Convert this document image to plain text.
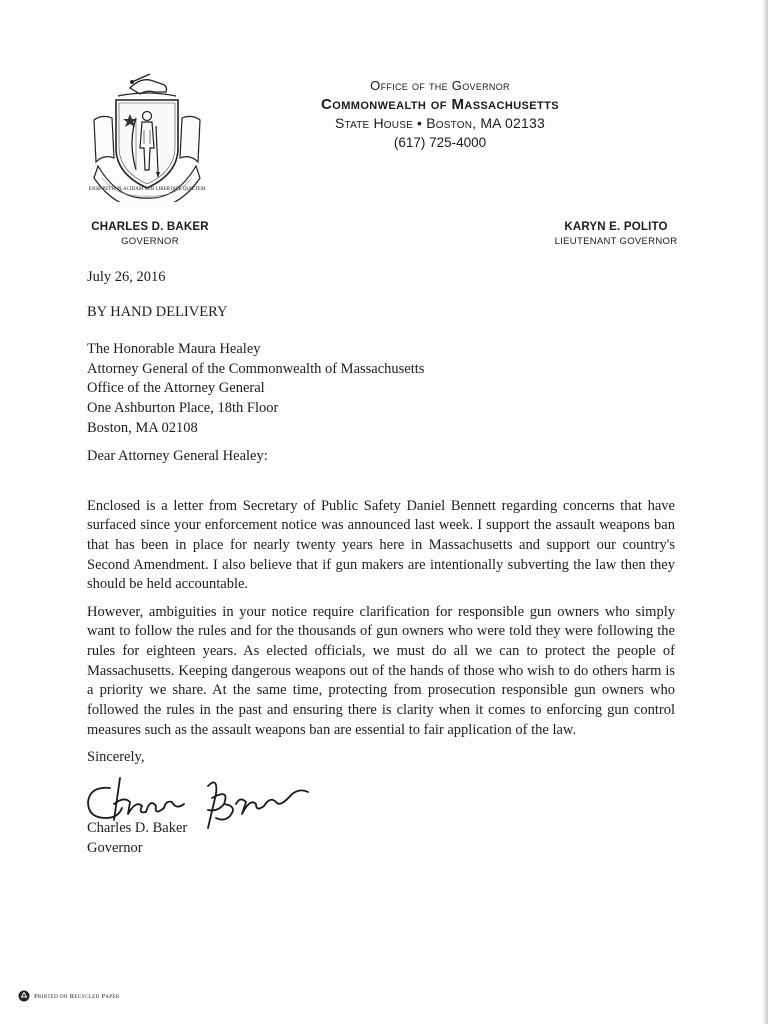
ENSE PETIT PLACIDAM SUB LIBERTATE QUIETEM
Office of the Governor
Commonwealth of Massachusetts
State House • Boston, MA 02133
(617) 725-4000
CHARLES D. BAKER
GOVERNOR
KARYN E. POLITO
LIEUTENANT GOVERNOR
July 26, 2016
BY HAND DELIVERY
The Honorable Maura Healey
Attorney General of the Commonwealth of Massachusetts
Office of the Attorney General
One Ashburton Place, 18th Floor
Boston, MA 02108
Dear Attorney General Healey:

Enclosed is a letter from Secretary of Public Safety Daniel Bennett regarding concerns that have surfaced since your enforcement notice was announced last week. I support the assault weapons ban that has been in place for nearly twenty years here in Massachusetts and support our country's Second Amendment. I also believe that if gun makers are intentionally subverting the law then they should be held accountable.

However, ambiguities in your notice require clarification for responsible gun owners who simply want to follow the rules and for the thousands of gun owners who were told they were following the rules for eighteen years. As elected officials, we must do all we can to protect the people of Massachusetts. Keeping dangerous weapons out of the hands of those who wish to do others harm is a priority we share. At the same time, protecting from prosecution responsible gun owners who followed the rules in the past and ensuring there is clarity when it comes to enforcing gun control measures such as the assault weapons ban are essential to fair application of the law.

Sincerely,
Charles D. Baker
Governor
Printed on Recycled Paper
